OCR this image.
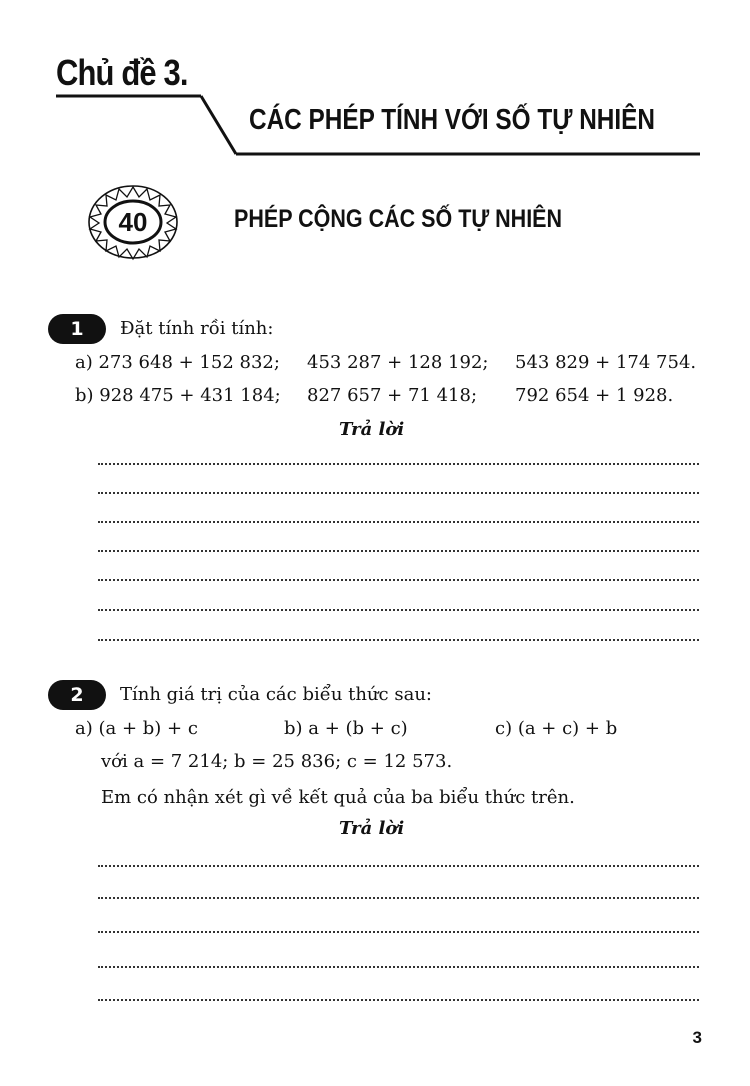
Chủ đề 3.
CÁC PHÉP TÍNH VỚI SỐ TỰ NHIÊN
40	PHÉP CỘNG CÁC SỐ TỰ NHIÊN
1	Đặt tính rồi tính:
a) 273 648 + 152 832; 453 287 + 128 192; 543 829 + 174 754.
b) 928 475 + 431 184; 827 657 + 71 418; 792 654 + 1 928.
Trả lời
2	Tính giá trị của các biểu thức sau:
a) (a + b) + c	b) a + (b + c)	c) (a + c) + b
với a = 7 214; b = 25 836; c = 12 573.
Em có nhận xét gì về kết quả của ba biểu thức trên.
Trả lời
3
